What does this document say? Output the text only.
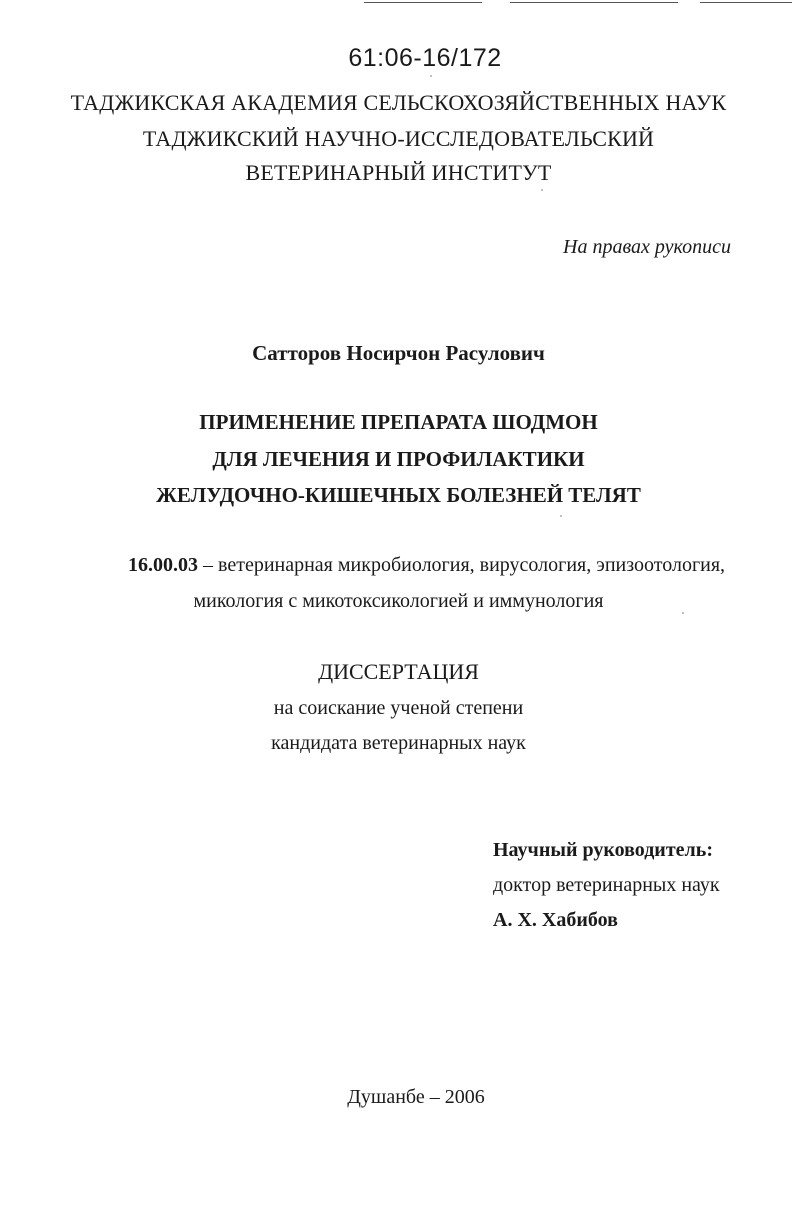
61:06-16/172
ТАДЖИКСКАЯ АКАДЕМИЯ СЕЛЬСКОХОЗЯЙСТВЕННЫХ НАУК
ТАДЖИКСКИЙ НАУЧНО-ИССЛЕДОВАТЕЛЬСКИЙ
ВЕТЕРИНАРНЫЙ ИНСТИТУТ
На правах рукописи
Сатторов Носирчон Расулович
ПРИМЕНЕНИЕ ПРЕПАРАТА ШОДМОН
ДЛЯ ЛЕЧЕНИЯ И ПРОФИЛАКТИКИ
ЖЕЛУДОЧНО-КИШЕЧНЫХ БОЛЕЗНЕЙ ТЕЛЯТ
16.00.03 – ветеринарная микробиология, вирусология, эпизоотология,
микология с микотоксикологией и иммунология
ДИССЕРТАЦИЯ
на соискание ученой степени
кандидата ветеринарных наук
Научный руководитель:
доктор ветеринарных наук
А. Х. Хабибов
Душанбе – 2006
